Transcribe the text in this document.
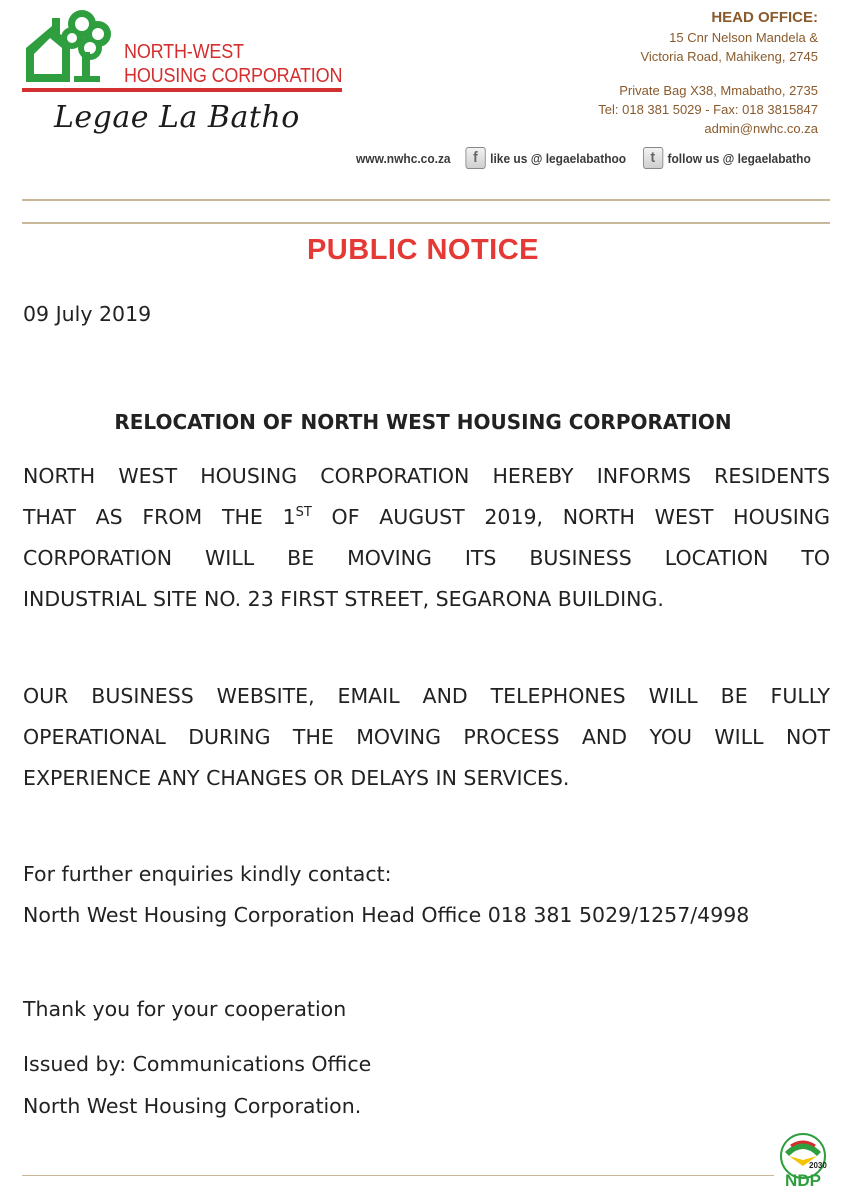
NORTH-WEST
HOUSING CORPORATION
Legae La Batho
HEAD OFFICE:
15 Cnr Nelson Mandela &
Victoria Road, Mahikeng, 2745
Private Bag X38, Mmabatho, 2735
Tel: 018 381 5029 - Fax: 018 3815847
admin@nwhc.co.za
www.nwhc.co.za	f like us @ legaelabathoo	t follow us @ legaelabatho
PUBLIC NOTICE
09 July 2019
RELOCATION OF NORTH WEST HOUSING CORPORATION
NORTH WEST HOUSING CORPORATION HEREBY INFORMS RESIDENTS
THAT AS FROM THE 1ST OF AUGUST 2019, NORTH WEST HOUSING
CORPORATION WILL BE MOVING ITS BUSINESS LOCATION TO
INDUSTRIAL SITE NO. 23 FIRST STREET, SEGARONA BUILDING.
OUR BUSINESS WEBSITE, EMAIL AND TELEPHONES WILL BE FULLY
OPERATIONAL DURING THE MOVING PROCESS AND YOU WILL NOT
EXPERIENCE ANY CHANGES OR DELAYS IN SERVICES.
For further enquiries kindly contact:
North West Housing Corporation Head Office 018 381 5029/1257/4998
Thank you for your cooperation
Issued by: Communications Office
North West Housing Corporation.
2030
NDP
